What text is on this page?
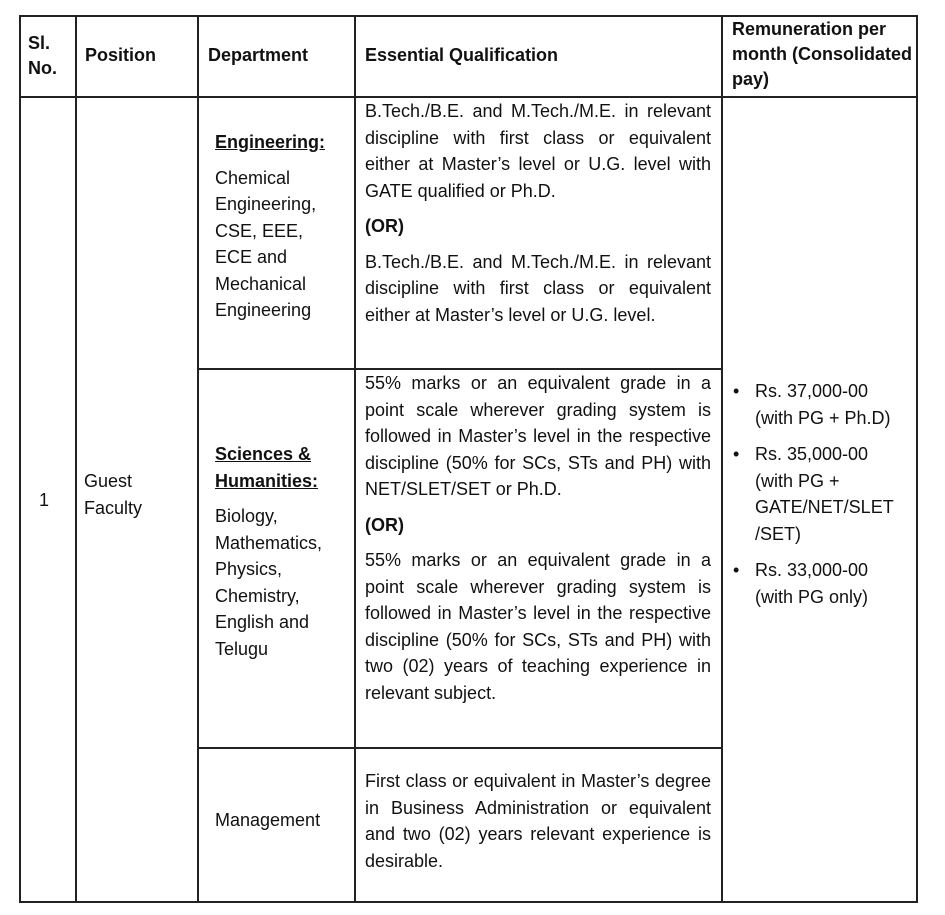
Sl. No.
Position	Department	Essential Qualification
Remuneration per month (Consolidated pay)
1
Guest Faculty
Engineering:
Chemical Engineering, CSE, EEE, ECE and Mechanical Engineering
Sciences & Humanities:
Biology, Mathematics, Physics, Chemistry, English and Telugu
Management
B.Tech./B.E. and M.Tech./M.E. in relevant discipline with first class or equivalent either at Master’s level or U.G. level with GATE qualified or Ph.D.
(OR)
B.Tech./B.E. and M.Tech./M.E. in relevant discipline with first class or equivalent either at Master’s level or U.G. level.
55% marks or an equivalent grade in a point scale wherever grading system is followed in Master’s level in the respective discipline (50% for SCs, STs and PH) with NET/SLET/SET or Ph.D.
(OR)
55% marks or an equivalent grade in a point scale wherever grading system is followed in Master’s level in the respective discipline (50% for SCs, STs and PH) with two (02) years of teaching experience in relevant subject.
First class or equivalent in Master’s degree in Business Administration or equivalent and two (02) years relevant experience is desirable.
• Rs. 37,000-00 (with PG + Ph.D)
• Rs. 35,000-00 (with PG + GATE/NET/SLET /SET)
• Rs. 33,000-00 (with PG only)
